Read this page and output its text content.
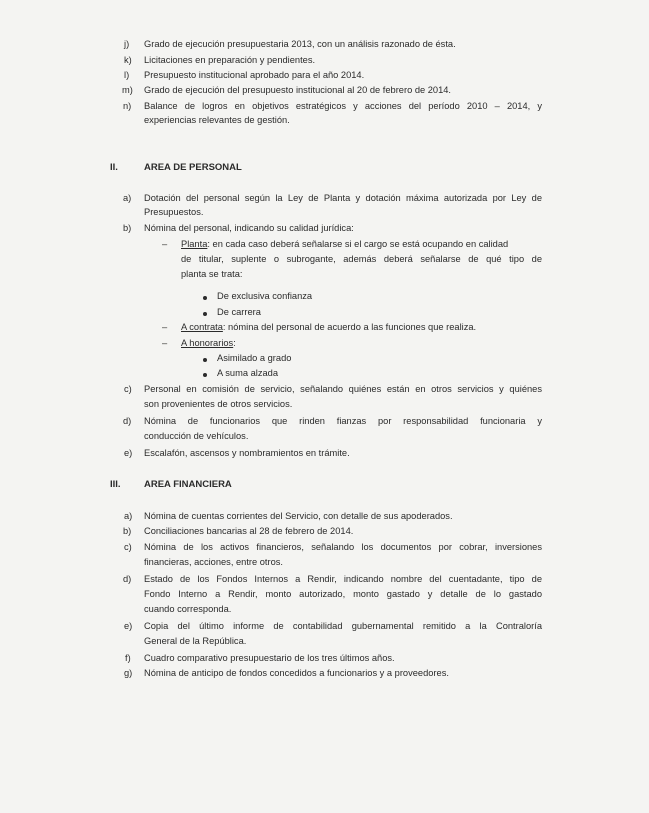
j) Grado de ejecución presupuestaria 2013, con un análisis razonado de ésta.
k) Licitaciones en preparación y pendientes.
l) Presupuesto institucional aprobado para el año 2014.
m) Grado de ejecución del presupuesto institucional al 20 de febrero de 2014.
n) Balance de logros en objetivos estratégicos y acciones del período 2010 – 2014, y
experiencias relevantes de gestión.
II.	AREA DE PERSONAL
a) Dotación del personal según la Ley de Planta y dotación máxima autorizada por Ley de
Presupuestos.
b) Nómina del personal, indicando su calidad jurídica:
– Planta: en cada caso deberá señalarse si el cargo se está ocupando en calidad
de titular, suplente o subrogante, además deberá señalarse de qué tipo de
planta se trata:
De exclusiva confianza
De carrera
– A contrata: nómina del personal de acuerdo a las funciones que realiza.
– A honorarios:
Asimilado a grado
A suma alzada
c) Personal en comisión de servicio, señalando quiénes están en otros servicios y quiénes
son provenientes de otros servicios.
d) Nómina de funcionarios que rinden fianzas por responsabilidad funcionaria y
conducción de vehículos.
e) Escalafón, ascensos y nombramientos en trámite.
III. AREA FINANCIERA
a) Nómina de cuentas corrientes del Servicio, con detalle de sus apoderados.
b) Conciliaciones bancarias al 28 de febrero de 2014.
c) Nómina de los activos financieros, señalando los documentos por cobrar, inversiones
financieras, acciones, entre otros.
d) Estado de los Fondos Internos a Rendir, indicando nombre del cuentadante, tipo de
Fondo Interno a Rendir, monto autorizado, monto gastado y detalle de lo gastado
cuando corresponda.
e) Copia del último informe de contabilidad gubernamental remitido a la Contraloría
General de la República.
f) Cuadro comparativo presupuestario de los tres últimos años.
g) Nómina de anticipo de fondos concedidos a funcionarios y a proveedores.
